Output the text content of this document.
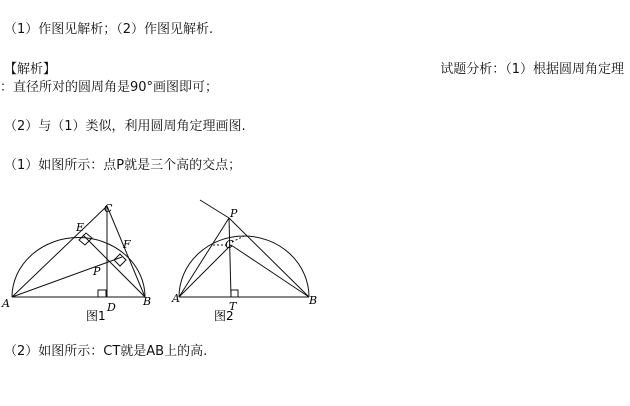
（1）作图见解析；（2）作图见解析.
【解析】	试题分析：（1）根据圆周角定理
：直径所对的圆周角是90°画图即可；
（2）与（1）类似，利用圆周角定理画图.
（1）如图所示：点P就是三个高的交点；
A	B
C
D
E
F
P
图1
A	B
C
P
T
图2
（2）如图所示：CT就是AB上的高.
